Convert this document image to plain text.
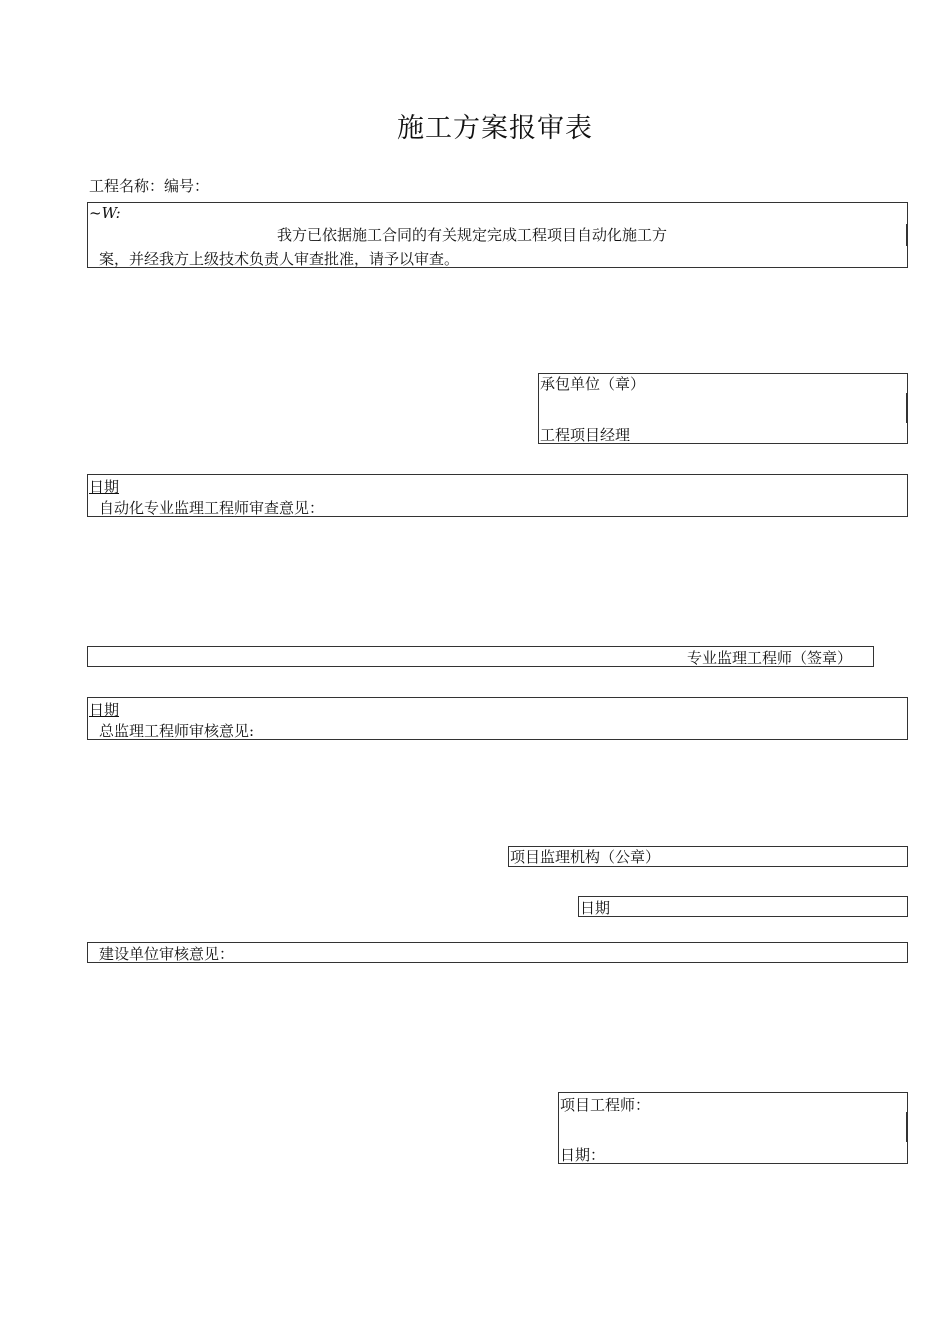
施工方案报审表
工程名称：编号：
~W:
我方已依据施工合同的有关规定完成工程项目自动化施工方
案，并经我方上级技术负责人审查批准，请予以审查。
承包单位（章）
工程项目经理
日期
自动化专业监理工程师审查意见：
专业监理工程师（签章）
日期
总监理工程师审核意见:
项目监理机构（公章）
日期
建设单位审核意见：
项目工程师：
日期：
